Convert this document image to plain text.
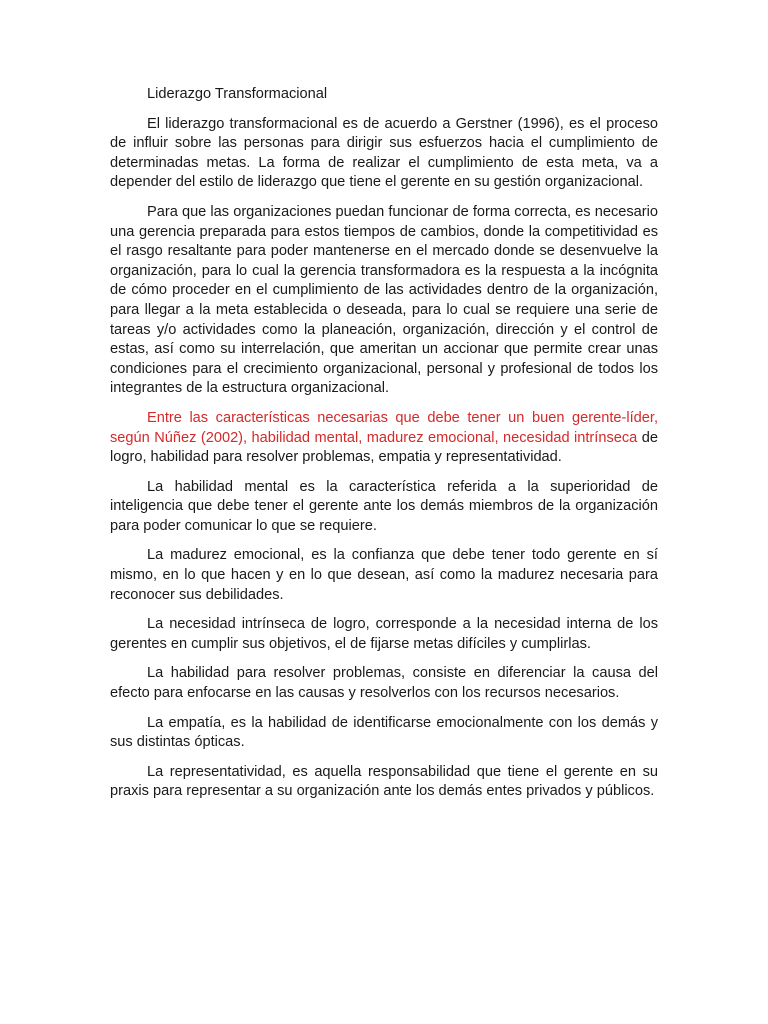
Liderazgo Transformacional

El liderazgo transformacional es de acuerdo a Gerstner (1996), es el proceso de influir sobre las personas para dirigir sus esfuerzos hacia el cumplimiento de determinadas metas. La forma de realizar el cumplimiento de esta meta, va a depender del estilo de liderazgo que tiene el gerente en su gestión organizacional.

Para que las organizaciones puedan funcionar de forma correcta, es necesario una gerencia preparada para estos tiempos de cambios, donde la competitividad es el rasgo resaltante para poder mantenerse en el mercado donde se desenvuelve la organización, para lo cual la gerencia transformadora es la respuesta a la incógnita de cómo proceder en el cumplimiento de las actividades dentro de la organización, para llegar a la meta establecida o deseada, para lo cual se requiere una serie de tareas y/o actividades como la planeación, organización, dirección y el control de estas, así como su interrelación, que ameritan un accionar que permite crear unas condiciones para el crecimiento organizacional, personal y profesional de todos los integrantes de la estructura organizacional.

Entre las características necesarias que debe tener un buen gerente-líder, según Núñez (2002), habilidad mental, madurez emocional, necesidad intrínseca de logro, habilidad para resolver problemas, empatia y representatividad.

La habilidad mental es la característica referida a la superioridad de inteligencia que debe tener el gerente ante los demás miembros de la organización para poder comunicar lo que se requiere.

La madurez emocional, es la confianza que debe tener todo gerente en sí mismo, en lo que hacen y en lo que desean, así como la madurez necesaria para reconocer sus debilidades.

La necesidad intrínseca de logro, corresponde a la necesidad interna de los gerentes en cumplir sus objetivos, el de fijarse metas difíciles y cumplirlas.

La habilidad para resolver problemas, consiste en diferenciar la causa del efecto para enfocarse en las causas y resolverlos con los recursos necesarios.

La empatía, es la habilidad de identificarse emocionalmente con los demás y sus distintas ópticas.

La representatividad, es aquella responsabilidad que tiene el gerente en su praxis para representar a su organización ante los demás entes privados y públicos.
